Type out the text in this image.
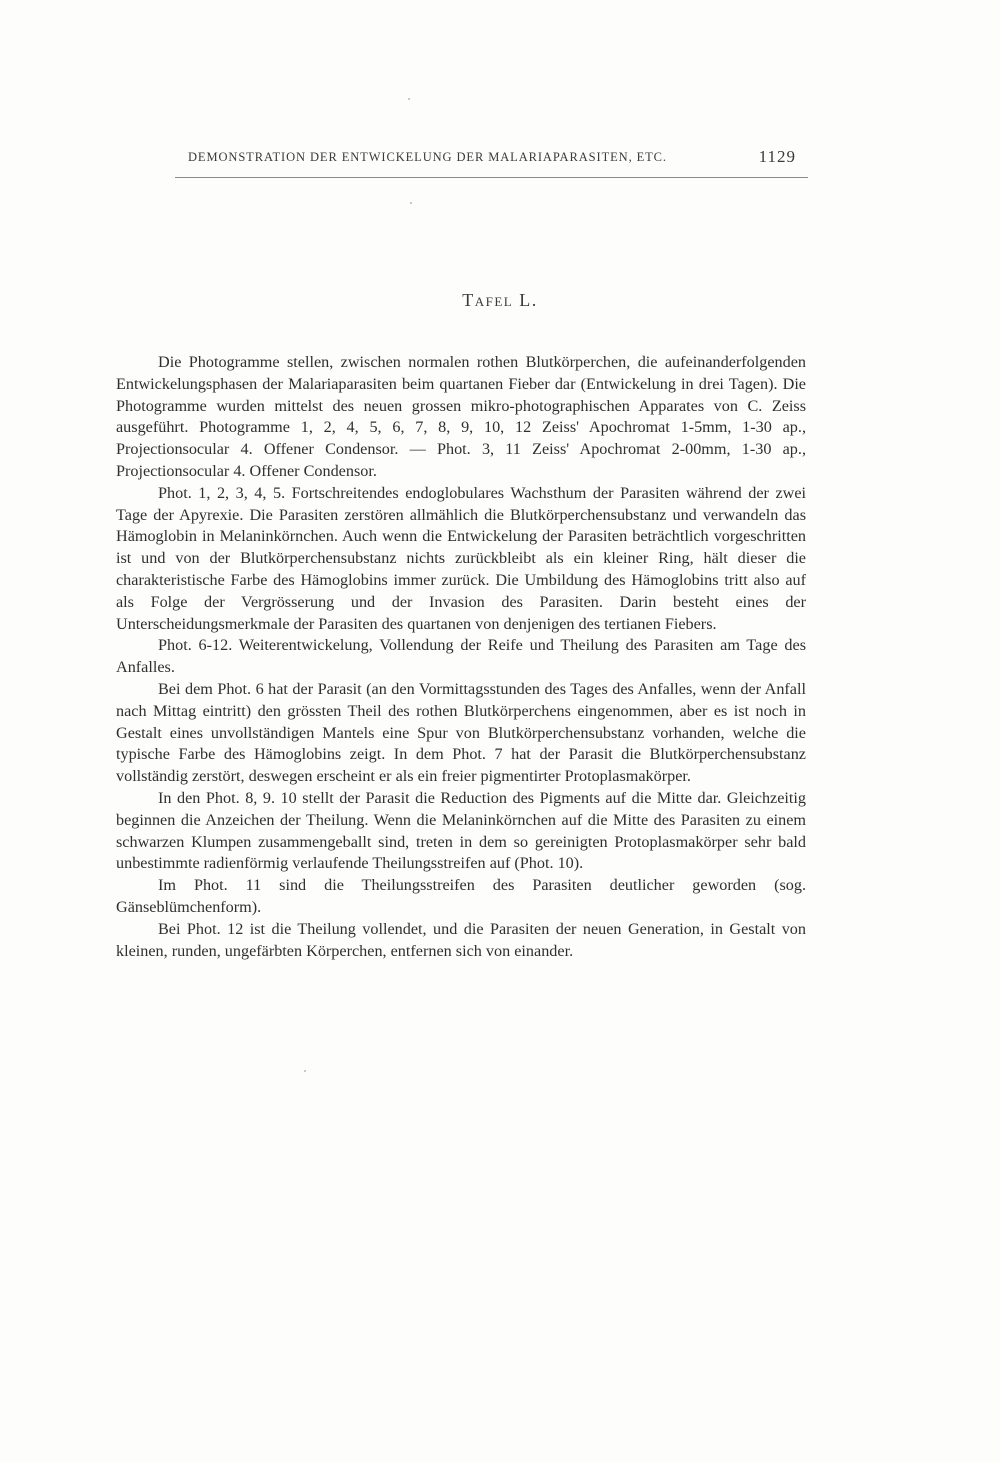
DEMONSTRATION DER ENTWICKELUNG DER MALARIAPARASITEN, ETC.	1129
Tafel L.

Die Photogramme stellen, zwischen normalen rothen Blutkörperchen, die aufeinanderfolgenden Entwickelungsphasen der Malariaparasiten beim quartanen Fieber dar (Entwickelung in drei Tagen). Die Photogramme wurden mittelst des neuen grossen mikro-photographischen Apparates von C. Zeiss ausgeführt. Photogramme 1, 2, 4, 5, 6, 7, 8, 9, 10, 12 Zeiss' Apochromat 1-5mm, 1-30 ap., Projectionsocular 4. Offener Condensor. — Phot. 3, 11 Zeiss' Apochromat 2-00mm, 1-30 ap., Projectionsocular 4. Offener Condensor.

Phot. 1, 2, 3, 4, 5. Fortschreitendes endoglobulares Wachsthum der Parasiten während der zwei Tage der Apyrexie. Die Parasiten zerstören allmählich die Blutkörperchensubstanz und verwandeln das Hämoglobin in Melaninkörnchen. Auch wenn die Entwickelung der Parasiten beträchtlich vorgeschritten ist und von der Blutkörperchensubstanz nichts zurückbleibt als ein kleiner Ring, hält dieser die charakteristische Farbe des Hämoglobins immer zurück. Die Umbildung des Hämoglobins tritt also auf als Folge der Vergrösserung und der Invasion des Parasiten. Darin besteht eines der Unterscheidungsmerkmale der Parasiten des quartanen von denjenigen des tertianen Fiebers.

Phot. 6-12. Weiterentwickelung, Vollendung der Reife und Theilung des Parasiten am Tage des Anfalles.

Bei dem Phot. 6 hat der Parasit (an den Vormittagsstunden des Tages des Anfalles, wenn der Anfall nach Mittag eintritt) den grössten Theil des rothen Blutkörperchens eingenommen, aber es ist noch in Gestalt eines unvollständigen Mantels eine Spur von Blutkörperchensubstanz vorhanden, welche die typische Farbe des Hämoglobins zeigt. In dem Phot. 7 hat der Parasit die Blutkörperchensubstanz vollständig zerstört, deswegen erscheint er als ein freier pigmentirter Protoplasmakörper.

In den Phot. 8, 9. 10 stellt der Parasit die Reduction des Pigments auf die Mitte dar. Gleichzeitig beginnen die Anzeichen der Theilung. Wenn die Melaninkörnchen auf die Mitte des Parasiten zu einem schwarzen Klumpen zusammengeballt sind, treten in dem so gereinigten Protoplasmakörper sehr bald unbestimmte radienförmig verlaufende Theilungsstreifen auf (Phot. 10).

Im Phot. 11 sind die Theilungsstreifen des Parasiten deutlicher geworden (sog. Gänseblümchenform).

Bei Phot. 12 ist die Theilung vollendet, und die Parasiten der neuen Generation, in Gestalt von kleinen, runden, ungefärbten Körperchen, entfernen sich von einander.
